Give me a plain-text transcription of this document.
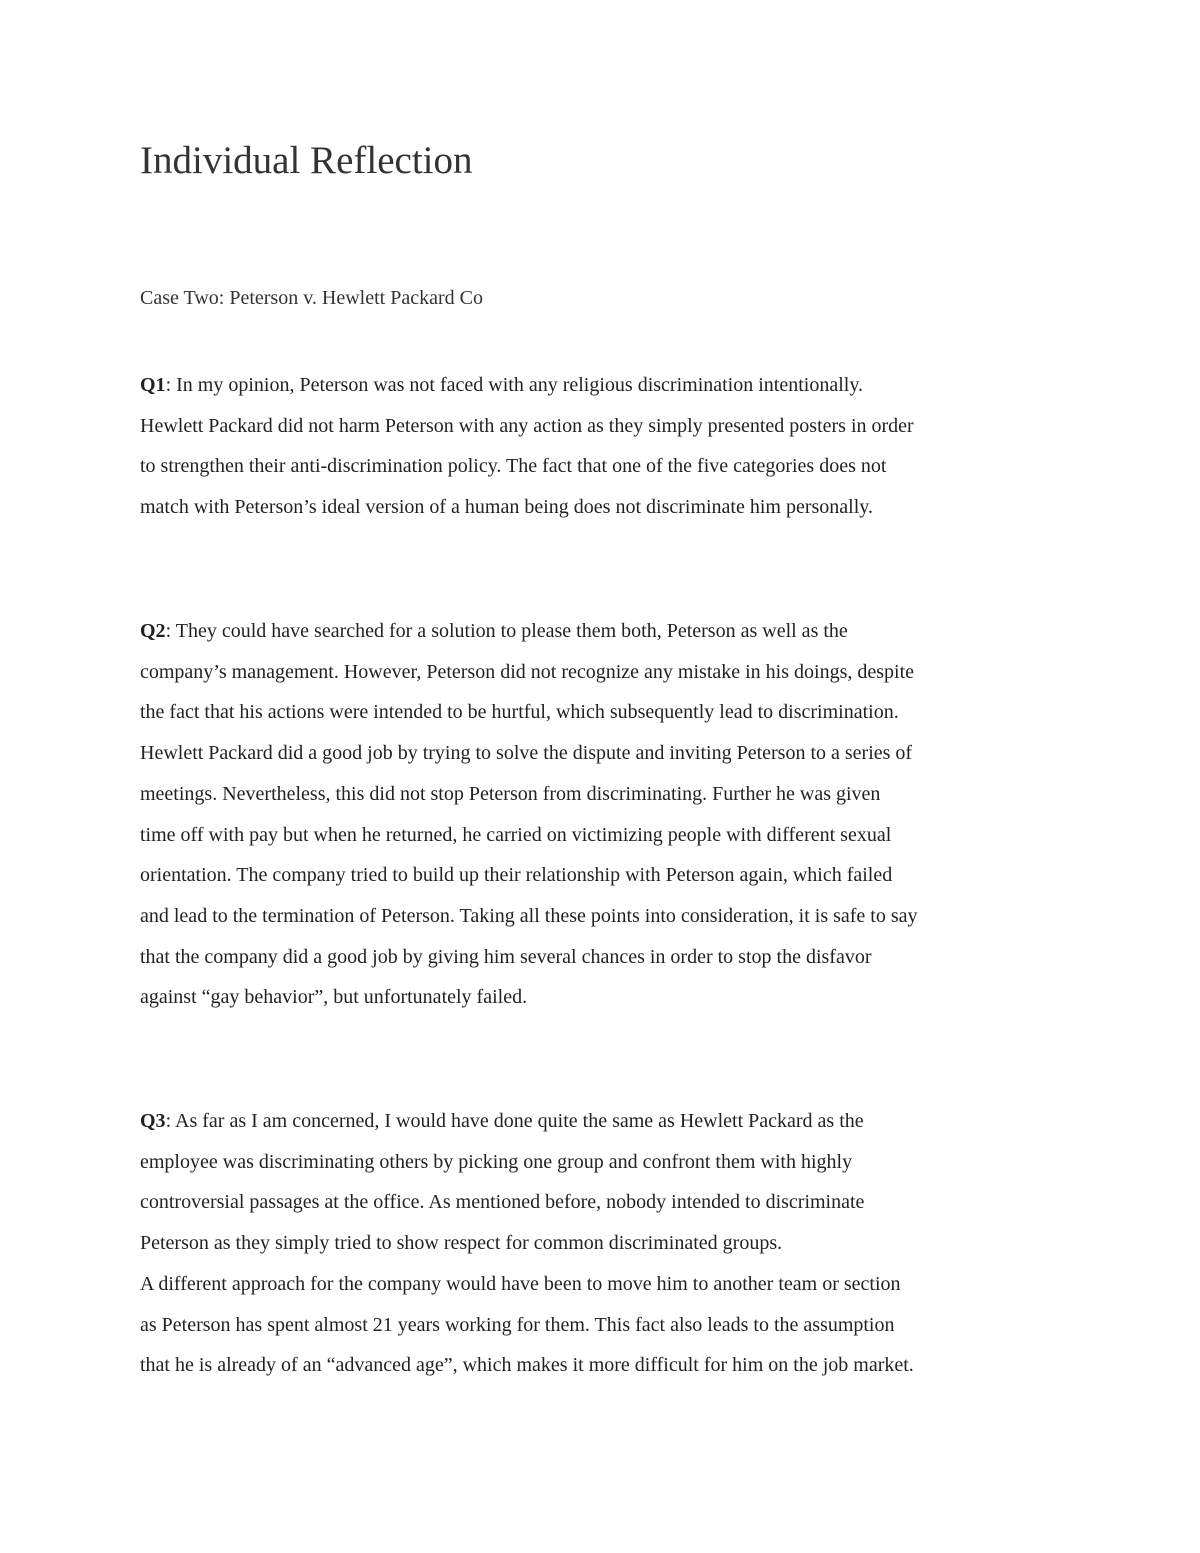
Individual Reflection

Case Two: Peterson v. Hewlett Packard Co

Q1: In my opinion, Peterson was not faced with any religious discrimination intentionally.
Hewlett Packard did not harm Peterson with any action as they simply presented posters in order
to strengthen their anti-discrimination policy. The fact that one of the five categories does not
match with Peterson’s ideal version of a human being does not discriminate him personally.
Q2: They could have searched for a solution to please them both, Peterson as well as the
company’s management. However, Peterson did not recognize any mistake in his doings, despite
the fact that his actions were intended to be hurtful, which subsequently lead to discrimination.
Hewlett Packard did a good job by trying to solve the dispute and inviting Peterson to a series of
meetings. Nevertheless, this did not stop Peterson from discriminating. Further he was given
time off with pay but when he returned, he carried on victimizing people with different sexual
orientation. The company tried to build up their relationship with Peterson again, which failed
and lead to the termination of Peterson. Taking all these points into consideration, it is safe to say
that the company did a good job by giving him several chances in order to stop the disfavor
against “gay behavior”, but unfortunately failed.
Q3: As far as I am concerned, I would have done quite the same as Hewlett Packard as the
employee was discriminating others by picking one group and confront them with highly
controversial passages at the office. As mentioned before, nobody intended to discriminate
Peterson as they simply tried to show respect for common discriminated groups.
A different approach for the company would have been to move him to another team or section
as Peterson has spent almost 21 years working for them. This fact also leads to the assumption
that he is already of an “advanced age”, which makes it more difficult for him on the job market.
